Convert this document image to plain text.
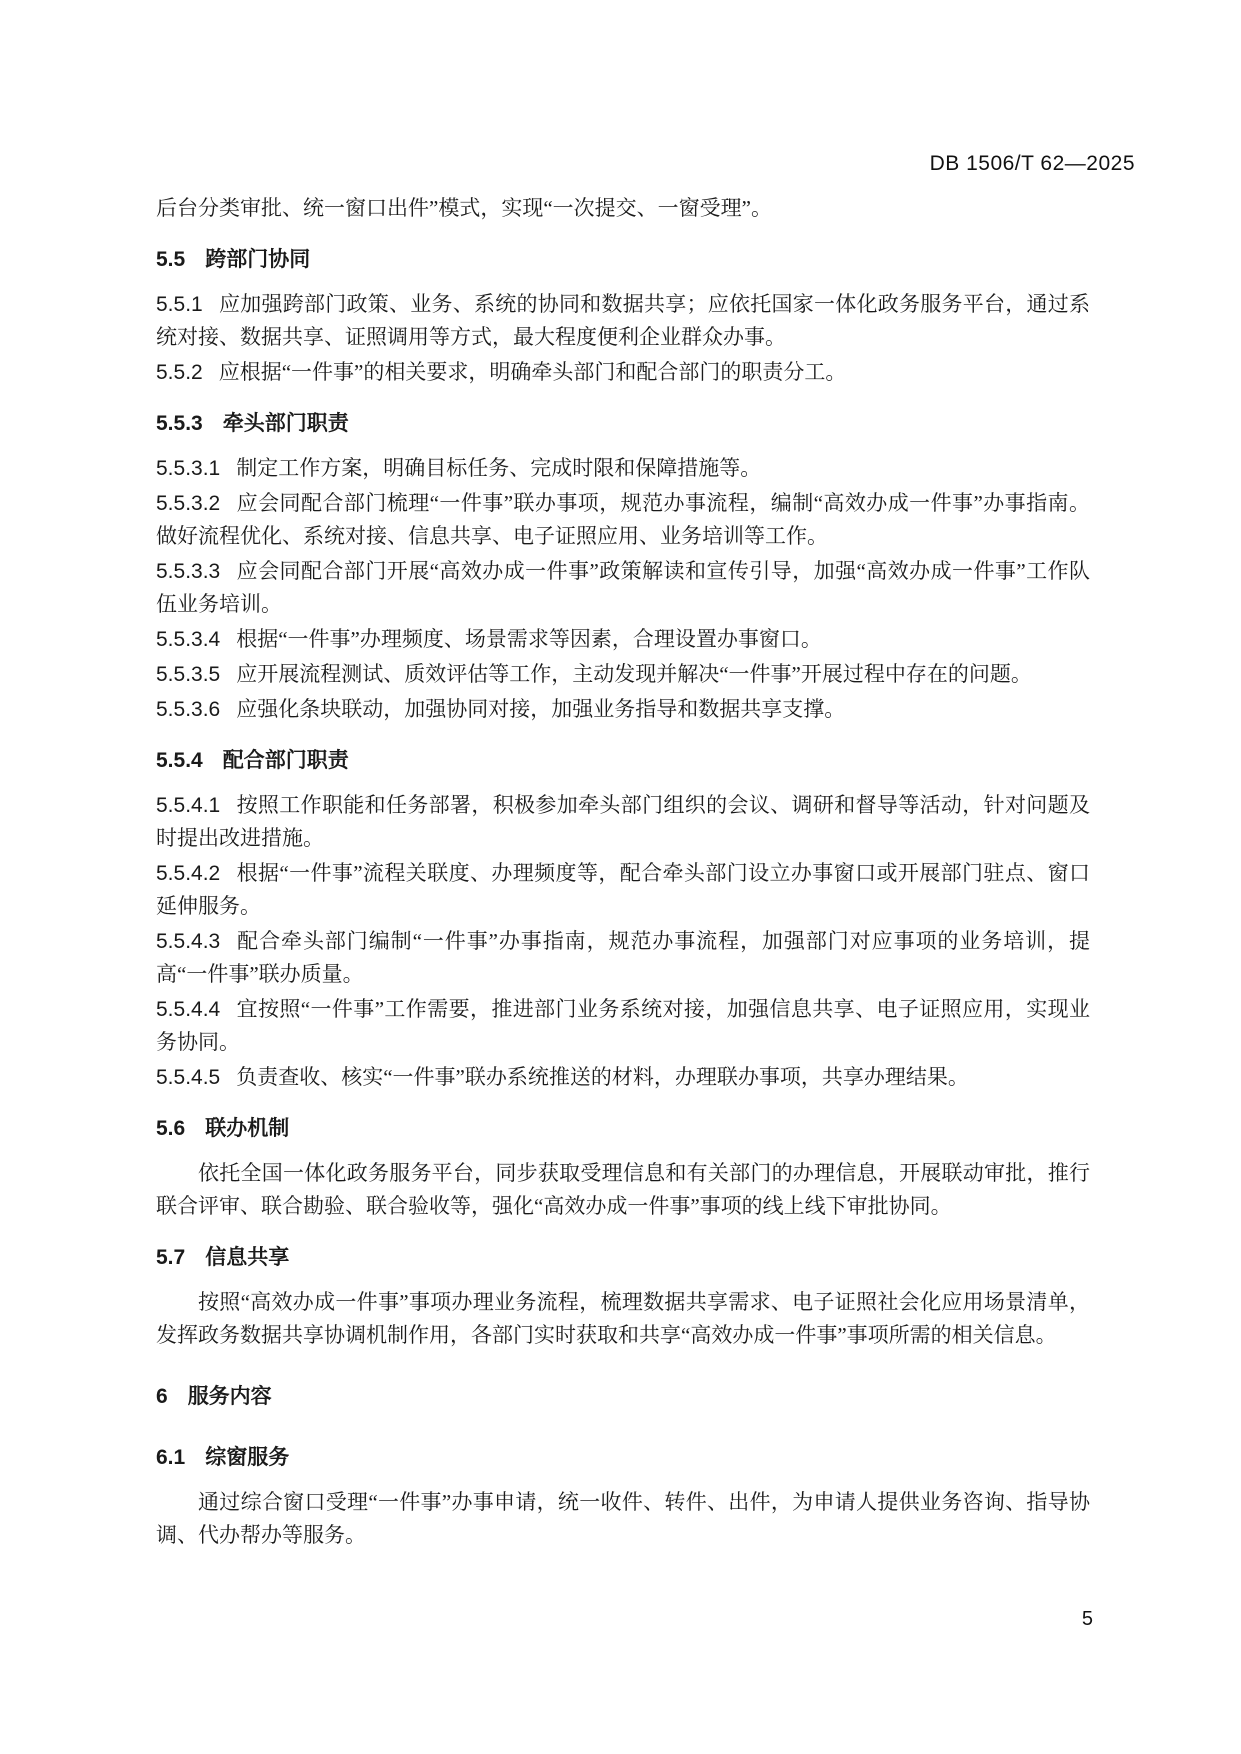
DB 1506/T 62—2025
后台分类审批、统一窗口出件”模式，实现“一次提交、一窗受理”。
5.5 跨部门协同
5.5.1 应加强跨部门政策、业务、系统的协同和数据共享；应依托国家一体化政务服务平台，通过系统对接、数据共享、证照调用等方式，最大程度便利企业群众办事。
5.5.2 应根据“一件事”的相关要求，明确牵头部门和配合部门的职责分工。
5.5.3 牵头部门职责
5.5.3.1 制定工作方案，明确目标任务、完成时限和保障措施等。
5.5.3.2 应会同配合部门梳理“一件事”联办事项，规范办事流程，编制“高效办成一件事”办事指南。做好流程优化、系统对接、信息共享、电子证照应用、业务培训等工作。
5.5.3.3 应会同配合部门开展“高效办成一件事”政策解读和宣传引导，加强“高效办成一件事”工作队伍业务培训。
5.5.3.4 根据“一件事”办理频度、场景需求等因素，合理设置办事窗口。
5.5.3.5 应开展流程测试、质效评估等工作，主动发现并解决“一件事”开展过程中存在的问题。
5.5.3.6 应强化条块联动，加强协同对接，加强业务指导和数据共享支撑。
5.5.4 配合部门职责
5.5.4.1 按照工作职能和任务部署，积极参加牵头部门组织的会议、调研和督导等活动，针对问题及时提出改进措施。
5.5.4.2 根据“一件事”流程关联度、办理频度等，配合牵头部门设立办事窗口或开展部门驻点、窗口延伸服务。
5.5.4.3 配合牵头部门编制“一件事”办事指南，规范办事流程，加强部门对应事项的业务培训，提高“一件事”联办质量。
5.5.4.4 宜按照“一件事”工作需要，推进部门业务系统对接，加强信息共享、电子证照应用，实现业务协同。
5.5.4.5 负责查收、核实“一件事”联办系统推送的材料，办理联办事项，共享办理结果。
5.6 联办机制
依托全国一体化政务服务平台，同步获取受理信息和有关部门的办理信息，开展联动审批，推行联合评审、联合勘验、联合验收等，强化“高效办成一件事”事项的线上线下审批协同。
5.7 信息共享
按照“高效办成一件事”事项办理业务流程，梳理数据共享需求、电子证照社会化应用场景清单，发挥政务数据共享协调机制作用，各部门实时获取和共享“高效办成一件事”事项所需的相关信息。
6 服务内容
6.1 综窗服务
通过综合窗口受理“一件事”办事申请，统一收件、转件、出件，为申请人提供业务咨询、指导协调、代办帮办等服务。
5
